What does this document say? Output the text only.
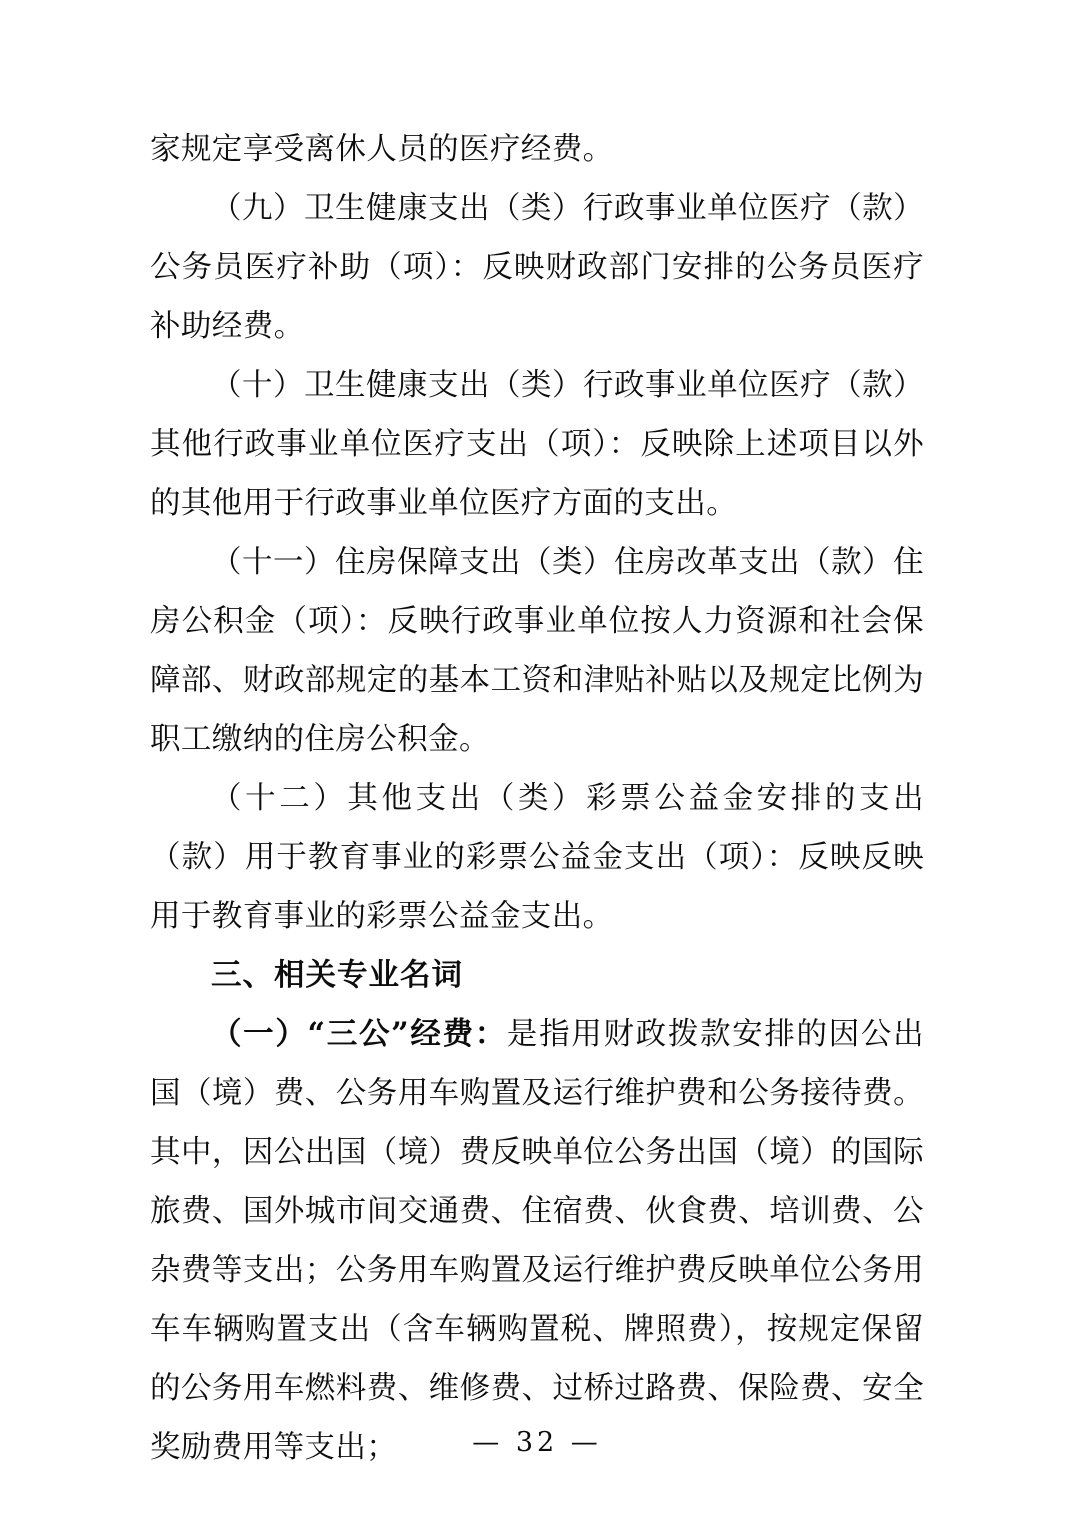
家规定享受离休人员的医疗经费。

（九）卫生健康支出（类）行政事业单位医疗（款）公务员医疗补助（项）：反映财政部门安排的公务员医疗补助经费。

（十）卫生健康支出（类）行政事业单位医疗（款）其他行政事业单位医疗支出（项）：反映除上述项目以外的其他用于行政事业单位医疗方面的支出。

（十一）住房保障支出（类）住房改革支出（款）住房公积金（项）：反映行政事业单位按人力资源和社会保障部、财政部规定的基本工资和津贴补贴以及规定比例为职工缴纳的住房公积金。

（十二）其他支出（类）彩票公益金安排的支出（款）用于教育事业的彩票公益金支出（项）：反映反映用于教育事业的彩票公益金支出。

三、相关专业名词

（一）“三公”经费：是指用财政拨款安排的因公出国（境）费、公务用车购置及运行维护费和公务接待费。其中，因公出国（境）费反映单位公务出国（境）的国际旅费、国外城市间交通费、住宿费、伙食费、培训费、公杂费等支出；公务用车购置及运行维护费反映单位公务用车车辆购置支出（含车辆购置税、牌照费），按规定保留的公务用车燃料费、维修费、过桥过路费、保险费、安全奖励费用等支出；	— 32 —
